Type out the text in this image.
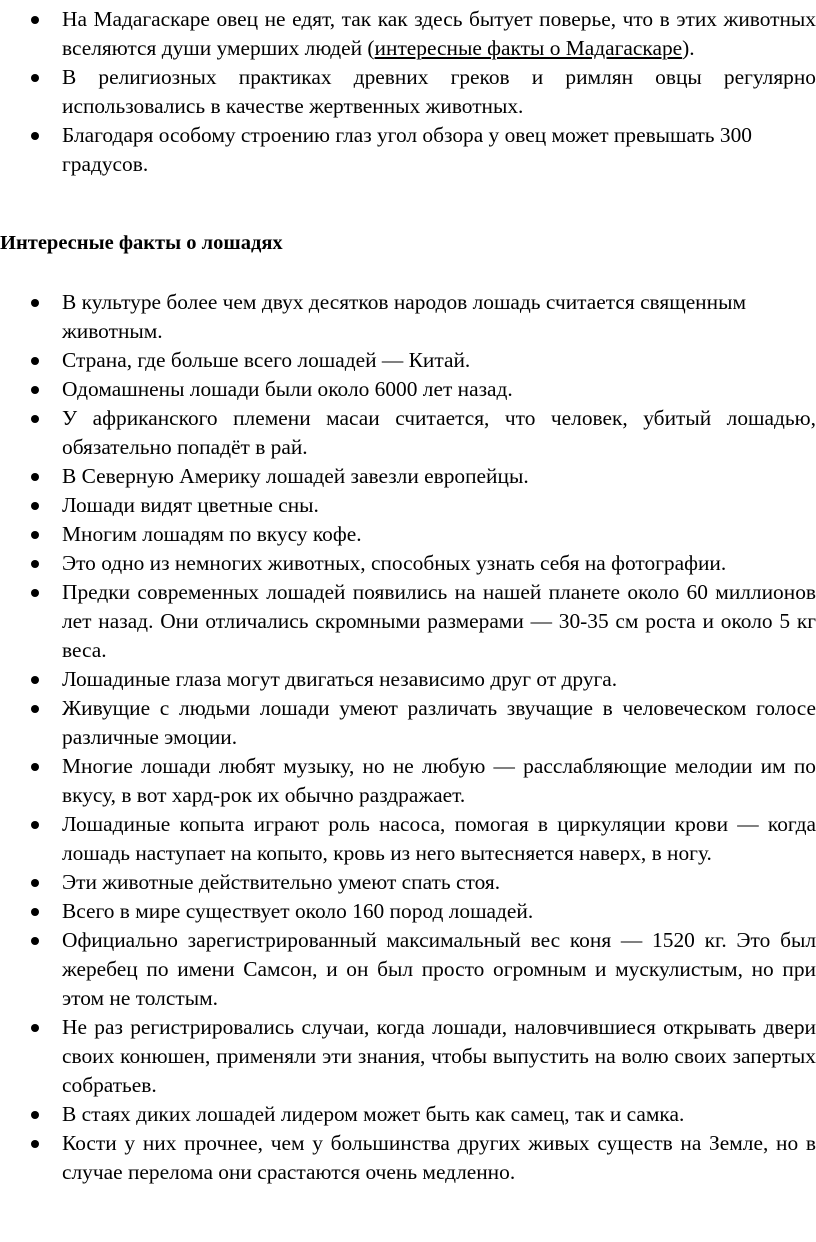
На Мадагаскаре овец не едят, так как здесь бытует поверье, что в этих животных вселяются души умерших людей (интересные факты о Мадагаскаре).
В религиозных практиках древних греков и римлян овцы регулярно использовались в качестве жертвенных животных.
Благодаря особому строению глаз угол обзора у овец может превышать 300 градусов.
Интересные факты о лошадях
В культуре более чем двух десятков народов лошадь считается священным животным.
Страна, где больше всего лошадей — Китай.
Одомашнены лошади были около 6000 лет назад.
У африканского племени масаи считается, что человек, убитый лошадью, обязательно попадёт в рай.
В Северную Америку лошадей завезли европейцы.
Лошади видят цветные сны.
Многим лошадям по вкусу кофе.
Это одно из немногих животных, способных узнать себя на фотографии.
Предки современных лошадей появились на нашей планете около 60 миллионов лет назад. Они отличались скромными размерами — 30-35 см роста и около 5 кг веса.
Лошадиные глаза могут двигаться независимо друг от друга.
Живущие с людьми лошади умеют различать звучащие в человеческом голосе различные эмоции.
Многие лошади любят музыку, но не любую — расслабляющие мелодии им по вкусу, в вот хард-рок их обычно раздражает.
Лошадиные копыта играют роль насоса, помогая в циркуляции крови — когда лошадь наступает на копыто, кровь из него вытесняется наверх, в ногу.
Эти животные действительно умеют спать стоя.
Всего в мире существует около 160 пород лошадей.
Официально зарегистрированный максимальный вес коня — 1520 кг. Это был жеребец по имени Самсон, и он был просто огромным и мускулистым, но при этом не толстым.
Не раз регистрировались случаи, когда лошади, наловчившиеся открывать двери своих конюшен, применяли эти знания, чтобы выпустить на волю своих запертых собратьев.
В стаях диких лошадей лидером может быть как самец, так и самка.
Кости у них прочнее, чем у большинства других живых существ на Земле, но в случае перелома они срастаются очень медленно.
